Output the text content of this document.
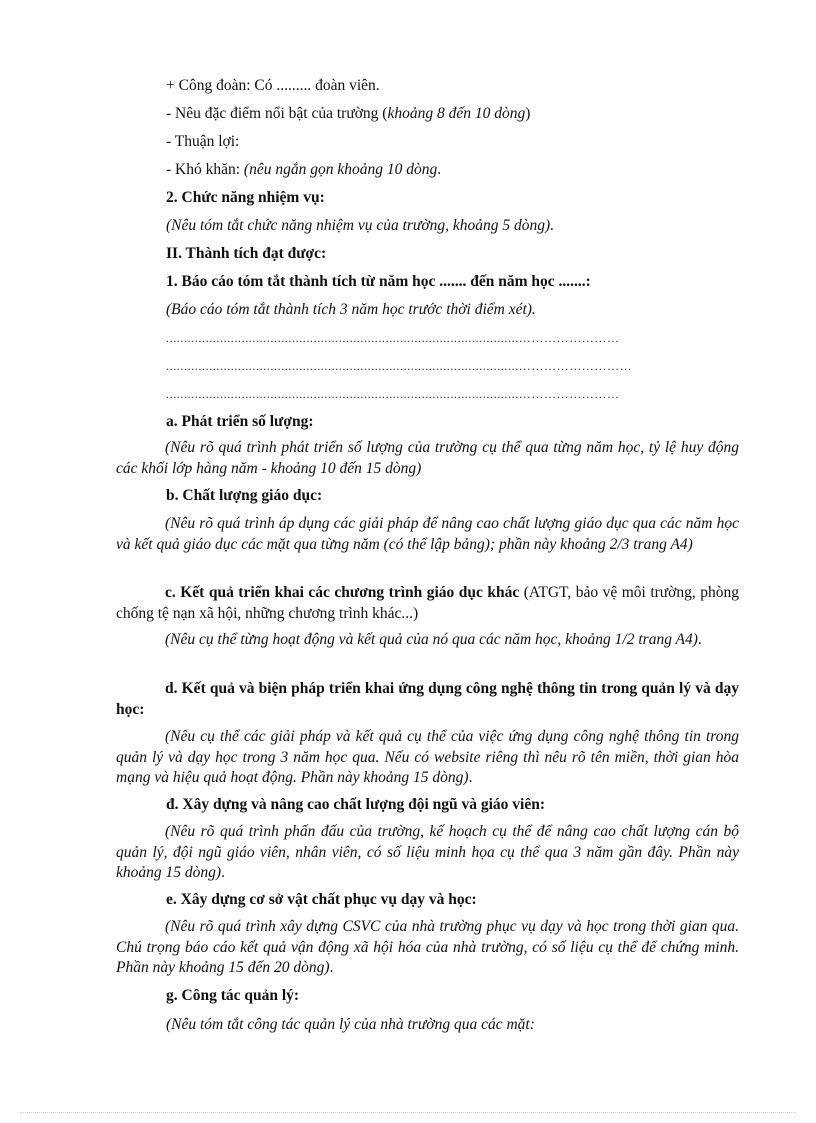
+ Công đoàn: Có ......... đoàn viên.
- Nêu đặc điểm nổi bật của trường (khoảng 8 đến 10 dòng)
- Thuận lợi:
- Khó khăn: (nêu ngắn gọn khoảng 10 dòng.
2. Chức năng nhiệm vụ:
(Nêu tóm tắt chức năng nhiệm vụ của trường, khoảng 5 dòng).
II. Thành tích đạt được:
1. Báo cáo tóm tắt thành tích từ năm học ....... đến năm học .......:
(Báo cáo tóm tắt thành tích 3 năm học trước thời điểm xét).
..................................................................................................……………………
..................................................................................................………………………
..................................................................................................……………………
a. Phát triển số lượng:
(Nêu rõ quá trình phát triển số lượng của trường cụ thể qua từng năm học, tỷ lệ huy động các khối lớp hàng năm - khoảng 10 đến 15 dòng)
b. Chất lượng giáo dục:
(Nêu rõ quá trình áp dụng các giải pháp để nâng cao chất lượng giáo dục qua các năm học và kết quả giáo dục các mặt qua từng năm (có thể lập bảng); phần này khoảng 2/3 trang A4)
c. Kết quả triển khai các chương trình giáo dục khác (ATGT, bảo vệ môi trường, phòng chống tệ nạn xã hội, những chương trình khác...)
(Nêu cụ thể từng hoạt động và kết quả của nó qua các năm học, khoảng 1/2 trang A4).
d. Kết quả và biện pháp triển khai ứng dụng công nghệ thông tin trong quản lý và dạy học:
(Nêu cụ thể các giải pháp và kết quả cụ thể của việc ứng dụng công nghệ thông tin trong quản lý và dạy học trong 3 năm học qua. Nếu có website riêng thì nêu rõ tên miền, thời gian hòa mạng và hiệu quả hoạt động. Phần này khoảng 15 dòng).
đ. Xây dựng và nâng cao chất lượng đội ngũ và giáo viên:
(Nêu rõ quá trình phấn đấu của trường, kế hoạch cụ thể để nâng cao chất lượng cán bộ quản lý, đội ngũ giáo viên, nhân viên, có số liệu minh họa cụ thể qua 3 năm gần đây. Phần này khoảng 15 dòng).
e. Xây dựng cơ sở vật chất phục vụ dạy và học:
(Nêu rõ quá trình xây dựng CSVC của nhà trường phục vụ dạy và học trong thời gian qua. Chú trọng báo cáo kết quả vận động xã hội hóa của nhà trường, có số liệu cụ thể để chứng minh. Phần này khoảng 15 đến 20 dòng).
g. Công tác quản lý:
(Nêu tóm tắt công tác quản lý của nhà trường qua các mặt:
